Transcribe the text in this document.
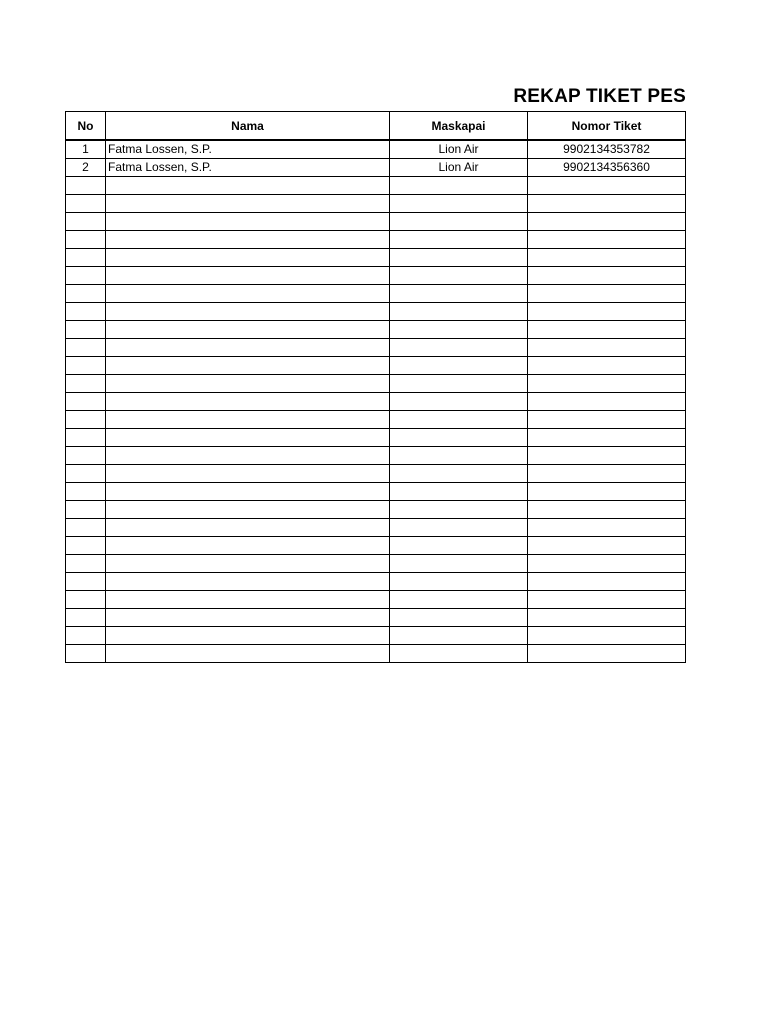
REKAP TIKET PES
No	Nama	Maskapai	Nomor Tiket
1	Fatma Lossen, S.P.	Lion Air	9902134353782
2	Fatma Lossen, S.P.	Lion Air	9902134356360
